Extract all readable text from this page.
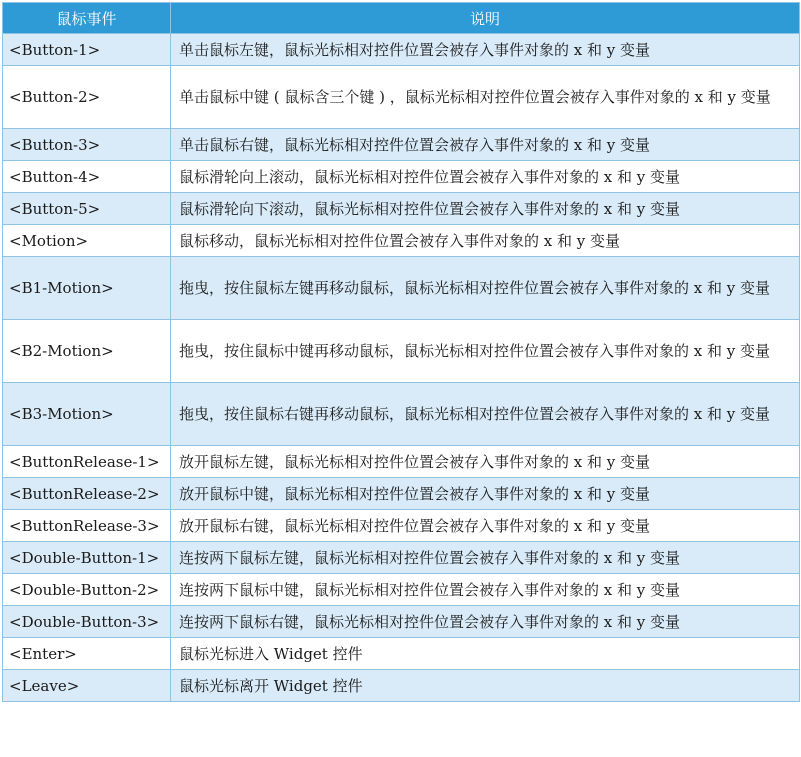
鼠标事件	说明
<Button-1>	单击鼠标左键，鼠标光标相对控件位置会被存入事件对象的 x 和 y 变量
<Button-2>	单击鼠标中键 ( 鼠标含三个键 ) ，鼠标光标相对控件位置会被存入事件对象的 x 和 y 变量
<Button-3>	单击鼠标右键，鼠标光标相对控件位置会被存入事件对象的 x 和 y 变量
<Button-4>	鼠标滑轮向上滚动，鼠标光标相对控件位置会被存入事件对象的 x 和 y 变量
<Button-5>	鼠标滑轮向下滚动，鼠标光标相对控件位置会被存入事件对象的 x 和 y 变量
<Motion>	鼠标移动，鼠标光标相对控件位置会被存入事件对象的 x 和 y 变量
<B1-Motion>	拖曳，按住鼠标左键再移动鼠标，鼠标光标相对控件位置会被存入事件对象的 x 和 y 变量
<B2-Motion>	拖曳，按住鼠标中键再移动鼠标，鼠标光标相对控件位置会被存入事件对象的 x 和 y 变量
<B3-Motion>	拖曳，按住鼠标右键再移动鼠标，鼠标光标相对控件位置会被存入事件对象的 x 和 y 变量
<ButtonRelease-1>	放开鼠标左键，鼠标光标相对控件位置会被存入事件对象的 x 和 y 变量
<ButtonRelease-2>	放开鼠标中键，鼠标光标相对控件位置会被存入事件对象的 x 和 y 变量
<ButtonRelease-3>	放开鼠标右键，鼠标光标相对控件位置会被存入事件对象的 x 和 y 变量
<Double-Button-1>	连按两下鼠标左键，鼠标光标相对控件位置会被存入事件对象的 x 和 y 变量
<Double-Button-2>	连按两下鼠标中键，鼠标光标相对控件位置会被存入事件对象的 x 和 y 变量
<Double-Button-3>	连按两下鼠标右键，鼠标光标相对控件位置会被存入事件对象的 x 和 y 变量
<Enter>	鼠标光标进入 Widget 控件
<Leave>	鼠标光标离开 Widget 控件
